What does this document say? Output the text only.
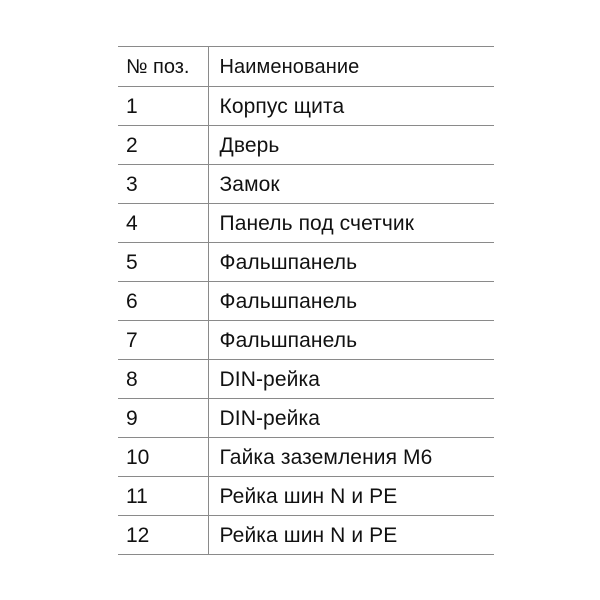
№ поз.	Наименование
1	Корпус щита
2	Дверь
3	Замок
4	Панель под счетчик
5	Фальшпанель
6	Фальшпанель
7	Фальшпанель
8	DIN-рейка
9	DIN-рейка
10	Гайка заземления М6
11	Рейка шин N и PE
12	Рейка шин N и PE
